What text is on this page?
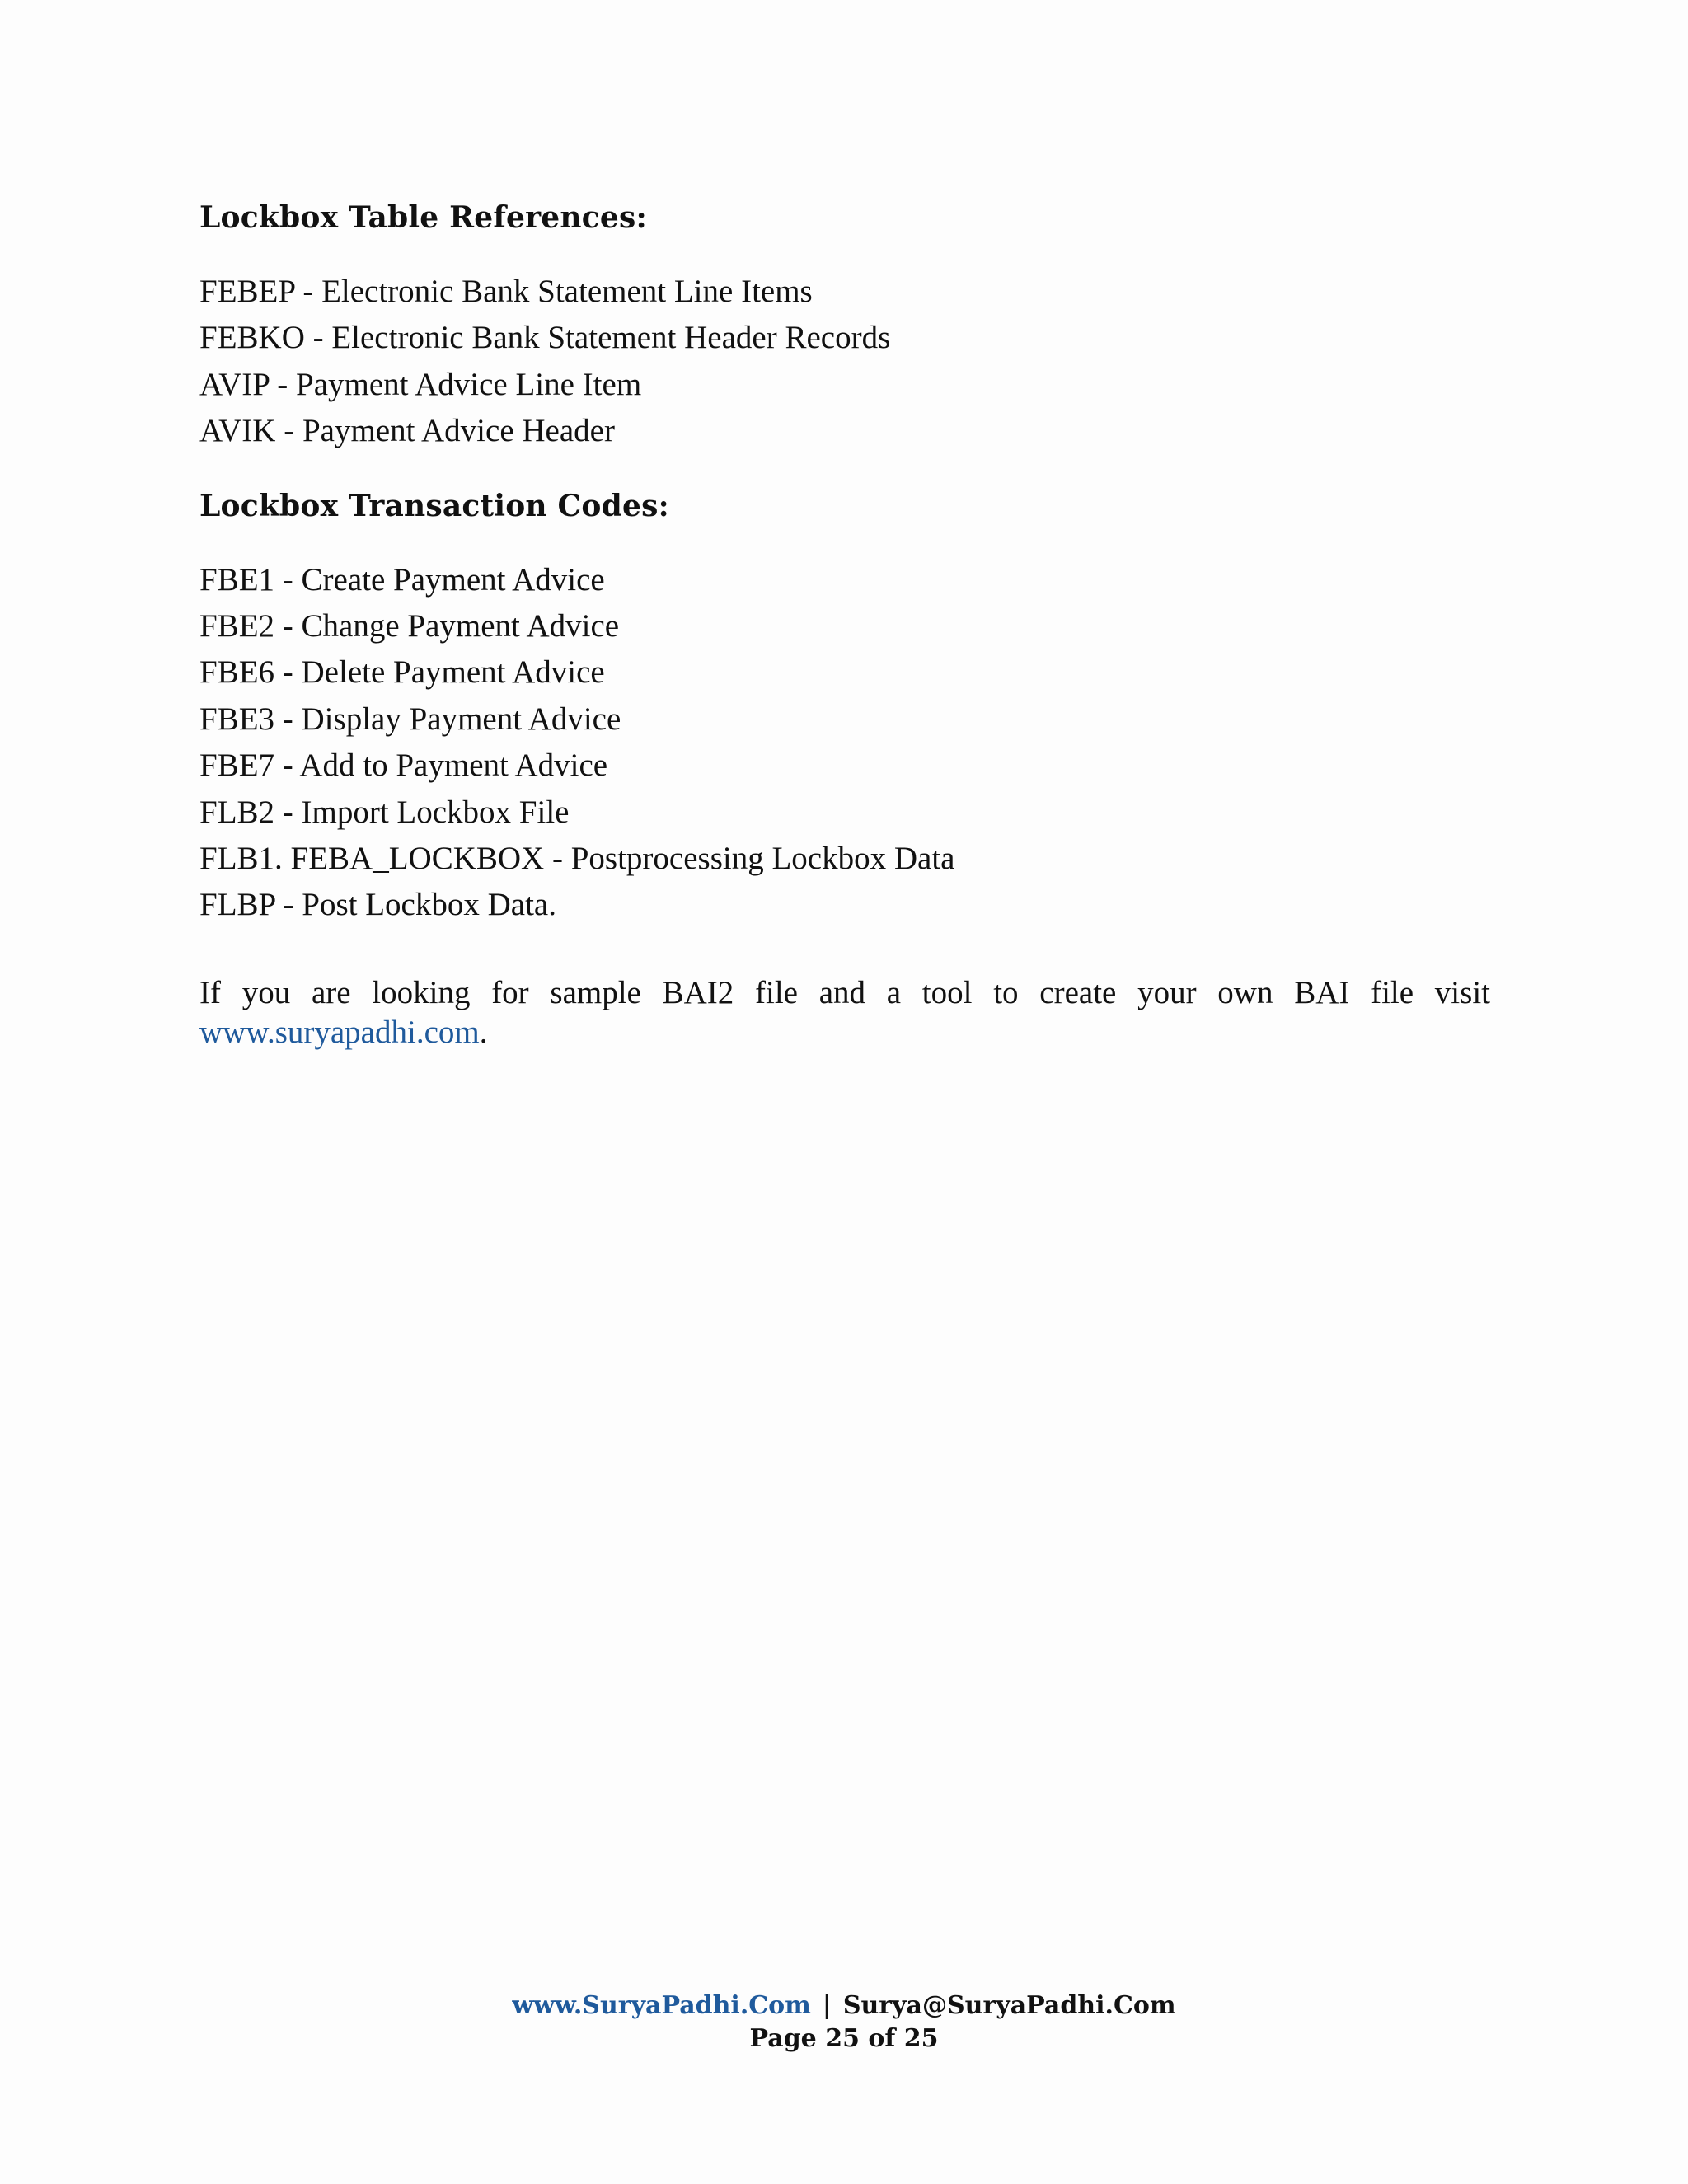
Lockbox Table References:
FEBEP - Electronic Bank Statement Line Items
FEBKO - Electronic Bank Statement Header Records
AVIP - Payment Advice Line Item
AVIK - Payment Advice Header
Lockbox Transaction Codes:
FBE1 - Create Payment Advice
FBE2 - Change Payment Advice
FBE6 - Delete Payment Advice
FBE3 - Display Payment Advice
FBE7 - Add to Payment Advice
FLB2 - Import Lockbox File
FLB1. FEBA_LOCKBOX - Postprocessing Lockbox Data
FLBP - Post Lockbox Data.

If you are looking for sample BAI2 file and a tool to create your own BAI file visit www.suryapadhi.com.

www.SuryaPadhi.Com | Surya@SuryaPadhi.Com
Page 25 of 25
